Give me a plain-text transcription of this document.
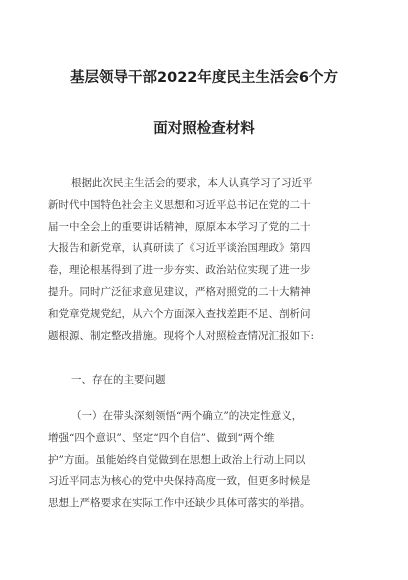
基层领导干部2022年度民主生活会6个方
面对照检查材料
根据此次民主生活会的要求，本人认真学习了习近平
新时代中国特色社会主义思想和习近平总书记在党的二十
届一中全会上的重要讲话精神，原原本本学习了党的二十
大报告和新党章，认真研读了《习近平谈治国理政》第四
卷，理论根基得到了进一步夯实、政治站位实现了进一步
提升。同时广泛征求意见建议，严格对照党的二十大精神
和党章党规党纪，从六个方面深入查找差距不足、剖析问
题根源、制定整改措施。现将个人对照检查情况汇报如下:
一、存在的主要问题
（一）在带头深刻领悟“两个确立”的决定性意义，
增强“四个意识”、坚定“四个自信”、做到“两个维
护”方面。虽能始终自觉做到在思想上政治上行动上同以
习近平同志为核心的党中央保持高度一致，但更多时候是
思想上严格要求在实际工作中还缺少具体可落实的举措。
